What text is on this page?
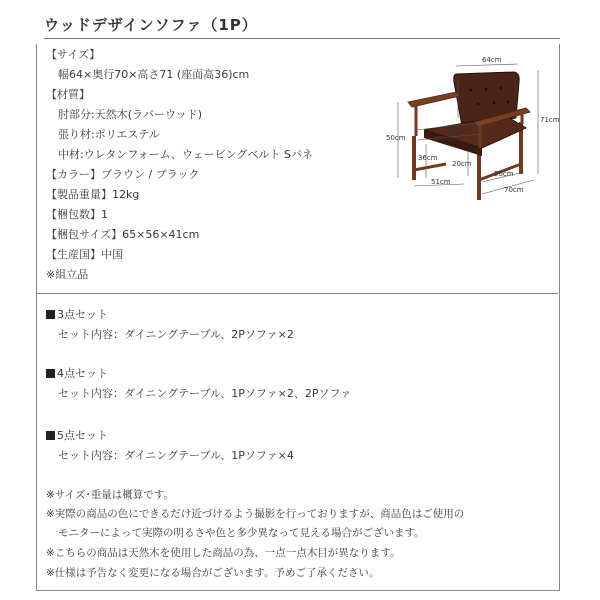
ウッドデザインソファ（1P）
【サイズ】
幅64×奥行70×高さ71 (座面高36)cm
【材質】
肘部分:天然木(ラバーウッド)
張り材:ポリエステル
中材:ウレタンフォーム、ウェービングベルト Sバネ
【カラー】ブラウン / ブラック
【製品重量】12kg
【梱包数】1
【梱包サイズ】65×56×41cm
【生産国】中国
※組立品
3点セット
セット内容：ダイニングテーブル、2Pソファ×2
4点セット
セット内容：ダイニングテーブル、1Pソファ×2、2Pソファ
5点セット
セット内容：ダイニングテーブル、1Pソファ×4
※サイズ･重量は概算です。
※実際の商品の色にできるだけ近づけるよう撮影を行っておりますが、商品色はご使用の
モニターによって実際の明るさや色と多少異なって見える場合がございます。
※こちらの商品は天然木を使用した商品の為、一点一点木目が異なります。
※仕様は予告なく変更になる場合がございます。予めご了承ください。
64cm
40cm
71cm
51cm
51cm
50cm
36cm
20cm
51cm
56cm
70cm
